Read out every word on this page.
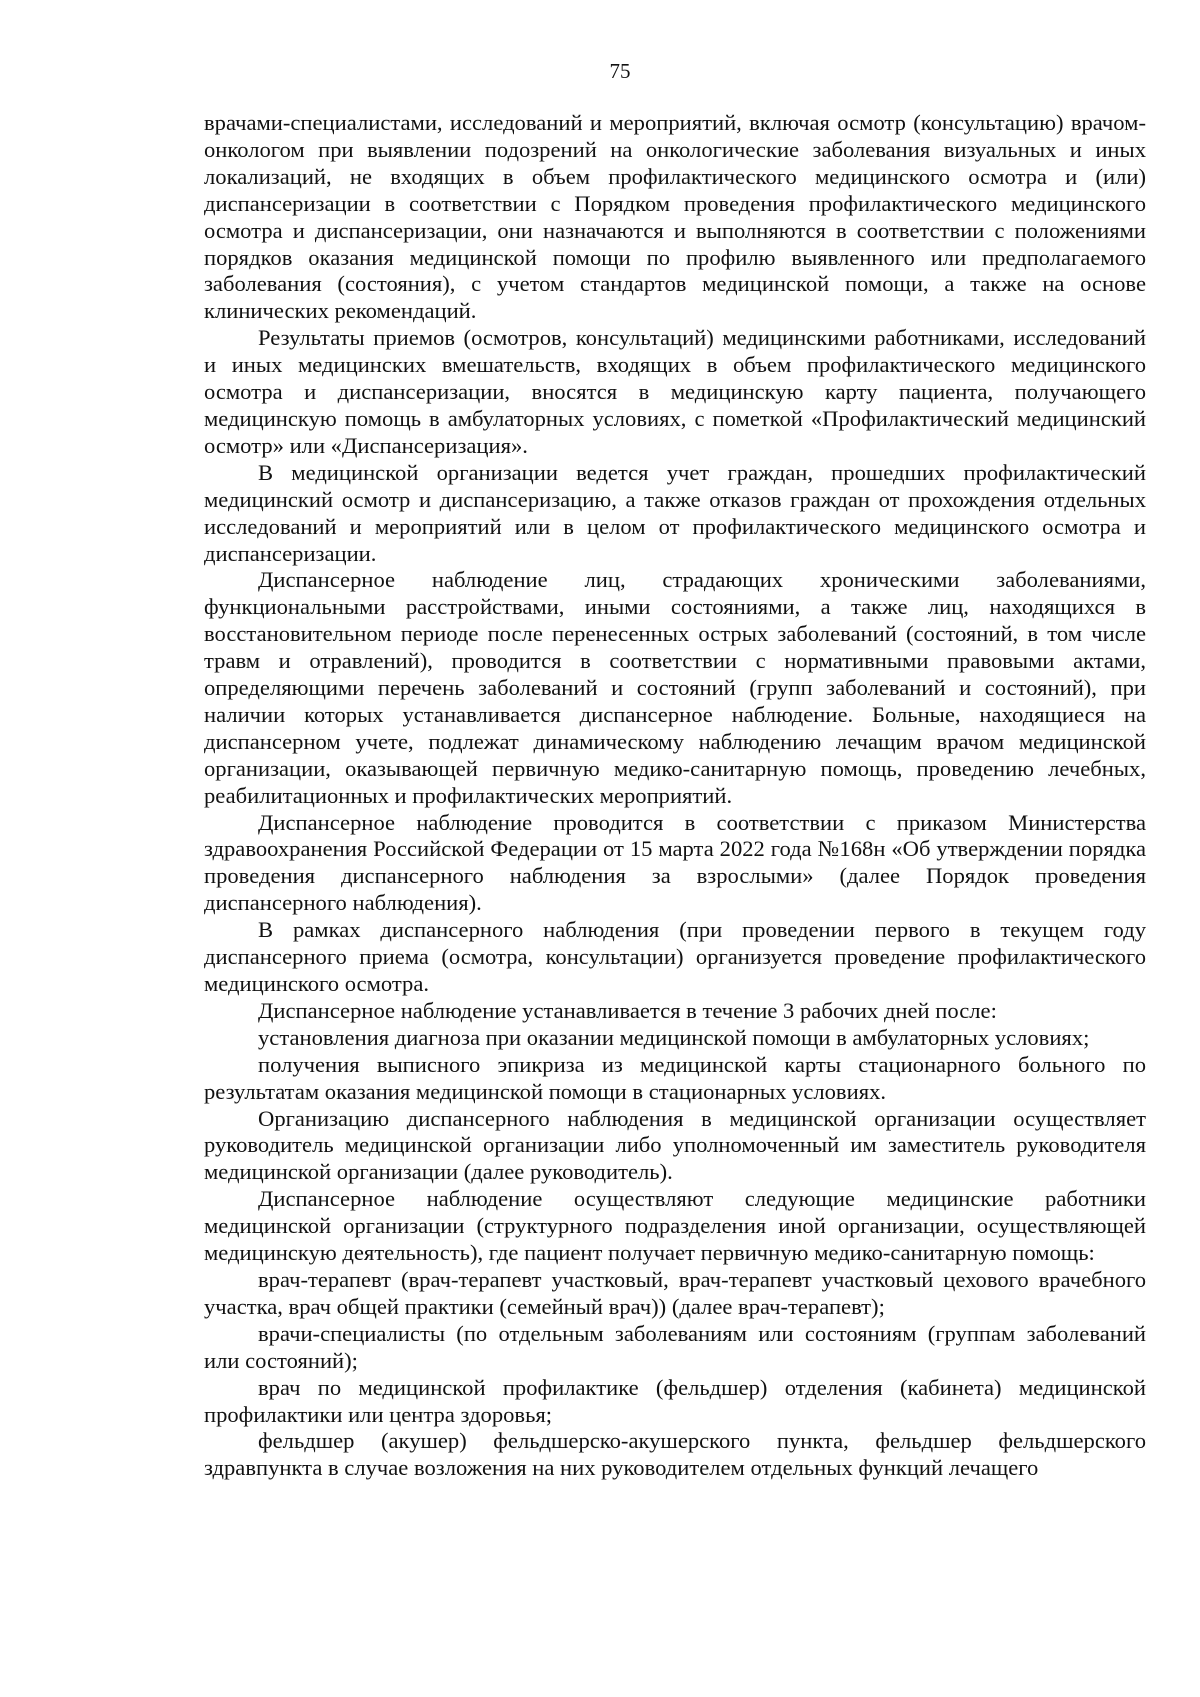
75

врачами-специалистами, исследований и мероприятий, включая осмотр (консультацию) врачом-онкологом при выявлении подозрений на онкологические заболевания визуальных и иных локализаций, не входящих в объем профилактического медицинского осмотра и (или) диспансеризации в соответствии с Порядком проведения профилактического медицинского осмотра и диспансеризации, они назначаются и выполняются в соответствии с положениями порядков оказания медицинской помощи по профилю выявленного или предполагаемого заболевания (состояния), с учетом стандартов медицинской помощи, а также на основе клинических рекомендаций.

Результаты приемов (осмотров, консультаций) медицинскими работниками, исследований и иных медицинских вмешательств, входящих в объем профилактического медицинского осмотра и диспансеризации, вносятся в медицинскую карту пациента, получающего медицинскую помощь в амбулаторных условиях, с пометкой «Профилактический медицинский осмотр» или «Диспансеризация».

В медицинской организации ведется учет граждан, прошедших профилактический медицинский осмотр и диспансеризацию, а также отказов граждан от прохождения отдельных исследований и мероприятий или в целом от профилактического медицинского осмотра и диспансеризации.

Диспансерное наблюдение лиц, страдающих хроническими заболеваниями, функциональными расстройствами, иными состояниями, а также лиц, находящихся в восстановительном периоде после перенесенных острых заболеваний (состояний, в том числе травм и отравлений), проводится в соответствии с нормативными правовыми актами, определяющими перечень заболеваний и состояний (групп заболеваний и состояний), при наличии которых устанавливается диспансерное наблюдение. Больные, находящиеся на диспансерном учете, подлежат динамическому наблюдению лечащим врачом медицинской организации, оказывающей первичную медико-санитарную помощь, проведению лечебных, реабилитационных и профилактических мероприятий.

Диспансерное наблюдение проводится в соответствии с приказом Министерства здравоохранения Российской Федерации от 15 марта 2022 года №168н «Об утверждении порядка проведения диспансерного наблюдения за взрослыми» (далее Порядок проведения диспансерного наблюдения).

В рамках диспансерного наблюдения (при проведении первого в текущем году диспансерного приема (осмотра, консультации) организуется проведение профилактического медицинского осмотра.

Диспансерное наблюдение устанавливается в течение 3 рабочих дней после:

установления диагноза при оказании медицинской помощи в амбулаторных условиях;

получения выписного эпикриза из медицинской карты стационарного больного по результатам оказания медицинской помощи в стационарных условиях.

Организацию диспансерного наблюдения в медицинской организации осуществляет руководитель медицинской организации либо уполномоченный им заместитель руководителя медицинской организации (далее руководитель).

Диспансерное наблюдение осуществляют следующие медицинские работники медицинской организации (структурного подразделения иной организации, осуществляющей медицинскую деятельность), где пациент получает первичную медико-санитарную помощь:

врач-терапевт (врач-терапевт участковый, врач-терапевт участковый цехового врачебного участка, врач общей практики (семейный врач)) (далее врач-терапевт);

врачи-специалисты (по отдельным заболеваниям или состояниям (группам заболеваний или состояний);

врач по медицинской профилактике (фельдшер) отделения (кабинета) медицинской профилактики или центра здоровья;

фельдшер (акушер) фельдшерско-акушерского пункта, фельдшер фельдшерского здравпункта в случае возложения на них руководителем отдельных функций лечащего
